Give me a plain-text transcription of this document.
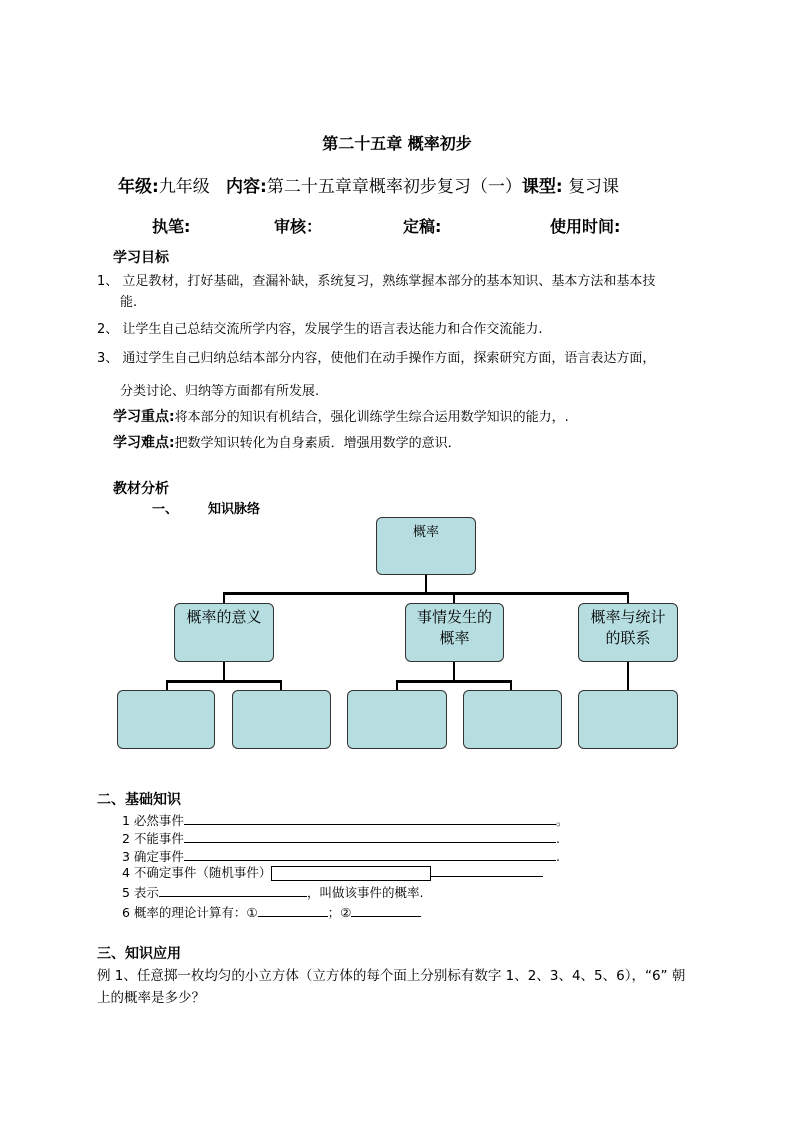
第二十五章 概率初步
年级:九年级 内容:第二十五章章概率初步复习（一）课型: 复习课
执笔:	审核：	定稿:	使用时间:
学习目标
1、 立足教材，打好基础，查漏补缺，系统复习，熟练掌握本部分的基本知识、基本方法和基本技
能.
2、 让学生自己总结交流所学内容，发展学生的语言表达能力和合作交流能力.
3、 通过学生自己归纳总结本部分内容，使他们在动手操作方面，探索研究方面，语言表达方面，
分类讨论、归纳等方面都有所发展.
学习重点:将本部分的知识有机结合，强化训练学生综合运用数学知识的能力，.
学习难点:把数学知识转化为自身素质．增强用数学的意识．
教材分析
一、 知识脉络
概率
概率的意义	事情发生的
概率
概率与统计
的联系
二、基础知识
1 必然事件	。
2 不能事件	.
3 确定事件	.
4 不确定事件（随机事件）
5 表示	，叫做该事件的概率.
6 概率的理论计算有：①	；②
三、知识应用
例 1、任意掷一枚均匀的小立方体（立方体的每个面上分别标有数字 1、2、3、4、5、6），“6” 朝
上的概率是多少？
